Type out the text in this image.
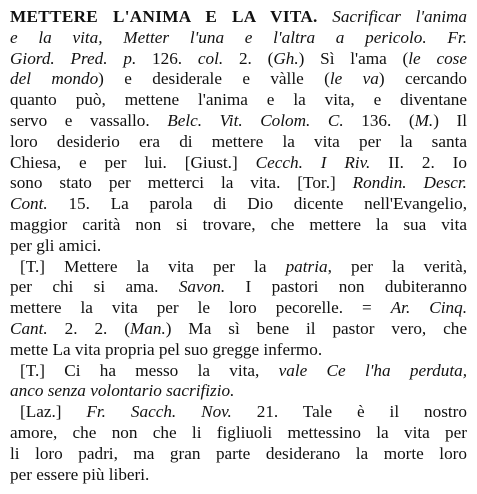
METTERE L'ANIMA E LA VITA. Sacrificar l'anima
e la vita, Metter l'una e l'altra a pericolo. Fr.
Giord. Pred. p. 126. col. 2. (Gh.) Sì l'ama (le cose
del mondo) e desiderale e vàlle (le va) cercando
quanto può, mettene l'anima e la vita, e diventane
servo e vassallo. Belc. Vit. Colom. C. 136. (M.) Il
loro desiderio era di mettere la vita per la santa
Chiesa, e per lui. [Giust.] Cecch. I Riv. II. 2. Io
sono stato per metterci la vita. [Tor.] Rondin. Descr.
Cont. 15. La parola di Dio dicente nell'Evangelio,
maggior carità non si trovare, che mettere la sua vita
per gli amici.
[T.] Mettere la vita per la patria, per la verità,
per chi si ama. Savon. I pastori non dubiteranno
mettere la vita per le loro pecorelle. = Ar. Cinq.
Cant. 2. 2. (Man.) Ma sì bene il pastor vero, che
mette La vita propria pel suo gregge infermo.
[T.] Ci ha messo la vita, vale Ce l'ha perduta,
anco senza volontario sacrifizio.
[Laz.] Fr. Sacch. Nov. 21. Tale è il nostro
amore, che non che li figliuoli mettessino la vita per
li loro padri, ma gran parte desiderano la morte loro
per essere più liberi.
